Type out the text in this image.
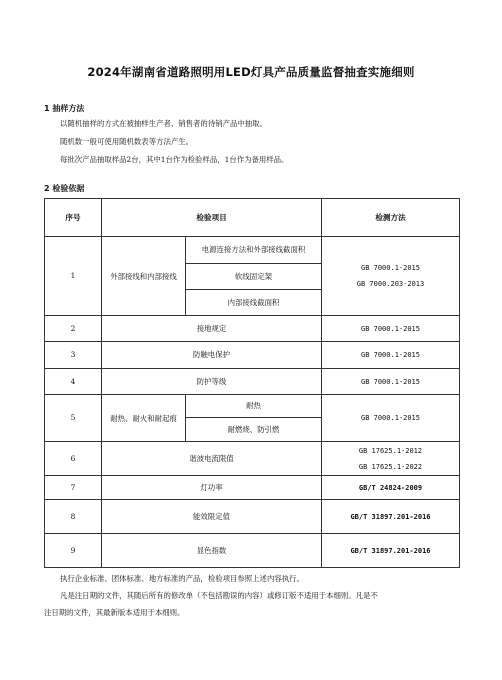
2024年湖南省道路照明用LED灯具产品质量监督抽查实施细则
1 抽样方法
以随机抽样的方式在被抽样生产者、销售者的待销产品中抽取。
随机数一般可使用随机数表等方法产生。
每批次产品抽取样品2台，其中1台作为检验样品，1台作为备用样品。
2 检验依据
序号	检验项目		检测方法
1	外部接线和内部接线	电源连接方法和外部接线截面积	GB 7000.1-2015
GB 7000.203-2013

		软线固定架	
		内部接线截面积	
2	接地规定		GB 7000.1-2015
3	防触电保护		GB 7000.1-2015
4	防护等级		GB 7000.1-2015
5	耐热、耐火和耐起痕	耐热	GB 7000.1-2015
		耐燃烧、防引燃	
6	谐波电流限值		GB 17625.1-2012
GB 17625.1-2022

7	灯功率		GB/T 24824-2009
8	能效限定值		GB/T 31897.201-2016
9	显色指数		GB/T 31897.201-2016
执行企业标准、团体标准、地方标准的产品，检验项目参照上述内容执行。
凡是注日期的文件，其随后所有的修改单（不包括勘误的内容）或修订版不适用于本细则。凡是不
注日期的文件，其最新版本适用于本细则。
